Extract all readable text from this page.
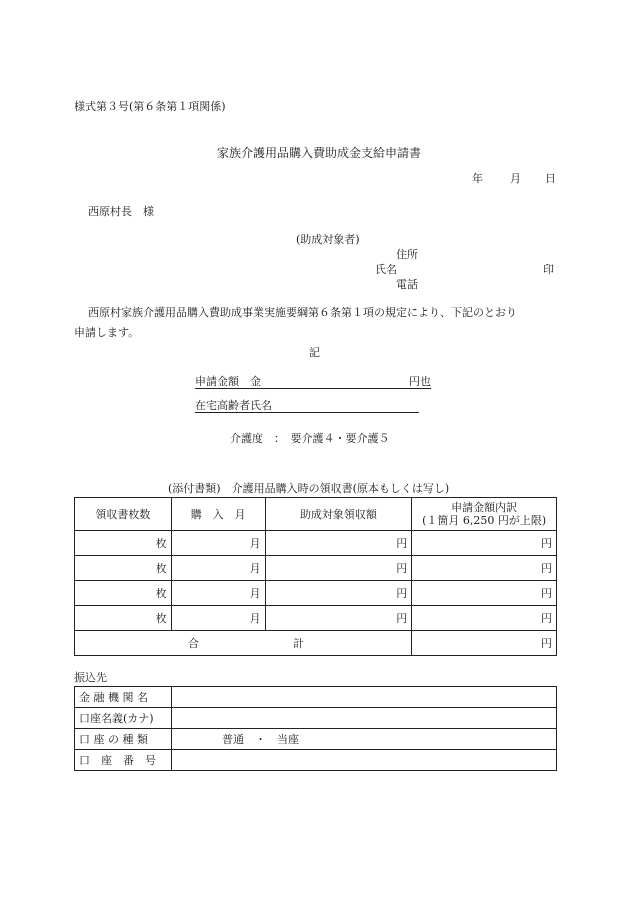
様式第３号(第６条第１項関係)
家族介護用品購入費助成金支給申請書
年 月 日
西原村長　様
(助成対象者)
住所
氏名	印
電話
西原村家族介護用品購入費助成事業実施要綱第６条第１項の規定により、下記のとおり
申請します。
記
申請金額　金	円也
在宅高齢者氏名
介護度　：　要介護４・要介護５
(添付書類)　介護用品購入時の領収書(原本もしくは写し)
領収書枚数	購　入　月	助成対象領収額	申請金額内訳
(１箇月 6,250 円が上限)

枚	月	円	円
枚	月	円	円
枚	月	円	円
枚	月	円	円

合 計			円
振込先
金 融 機 関 名	
口座名義(カナ)	
口 座 の 種 類	普通　・　当座
口　座　番　号	
